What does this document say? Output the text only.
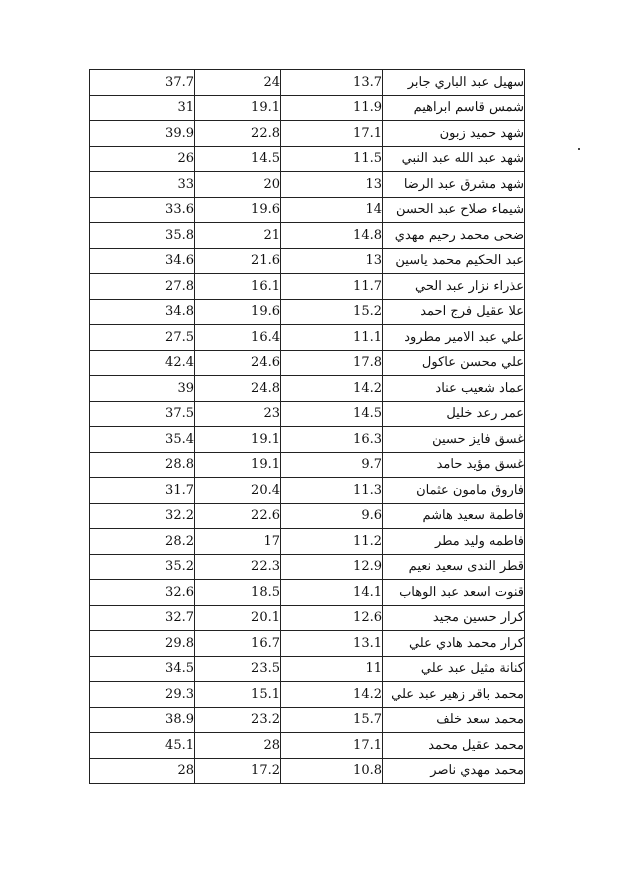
37.7	24	13.7	سهيل عبد الباري جابر
31	19.1	11.9	شمس قاسم ابراهيم
39.9	22.8	17.1	شهد حميد زبون
26	14.5	11.5	شهد عبد الله عبد النبي
33	20	13	شهد مشرق عبد الرضا
33.6	19.6	14	شيماء صلاح عبد الحسن
35.8	21	14.8	ضحى محمد رحيم مهدي
34.6	21.6	13	عبد الحكيم محمد ياسين
27.8	16.1	11.7	عذراء نزار عبد الحي
34.8	19.6	15.2	علا عقيل فرج احمد
27.5	16.4	11.1	علي عبد الامير مطرود
42.4	24.6	17.8	علي محسن عاكول
39	24.8	14.2	عماد شعيب عناد
37.5	23	14.5	عمر رعد خليل
35.4	19.1	16.3	غسق فايز حسين
28.8	19.1	9.7	غسق مؤيد حامد
31.7	20.4	11.3	فاروق مامون عثمان
32.2	22.6	9.6	فاطمة سعيد هاشم
28.2	17	11.2	فاطمه وليد مطر
35.2	22.3	12.9	قطر الندى سعيد نعيم
32.6	18.5	14.1	قنوت اسعد عبد الوهاب
32.7	20.1	12.6	كرار حسين مجيد
29.8	16.7	13.1	كرار محمد هادي علي
34.5	23.5	11	كنانة مثيل عبد علي
29.3	15.1	14.2	محمد باقر زهير عبد علي
38.9	23.2	15.7	محمد سعد خلف
45.1	28	17.1	محمد عقيل محمد
28	17.2	10.8	محمد مهدي ناصر
